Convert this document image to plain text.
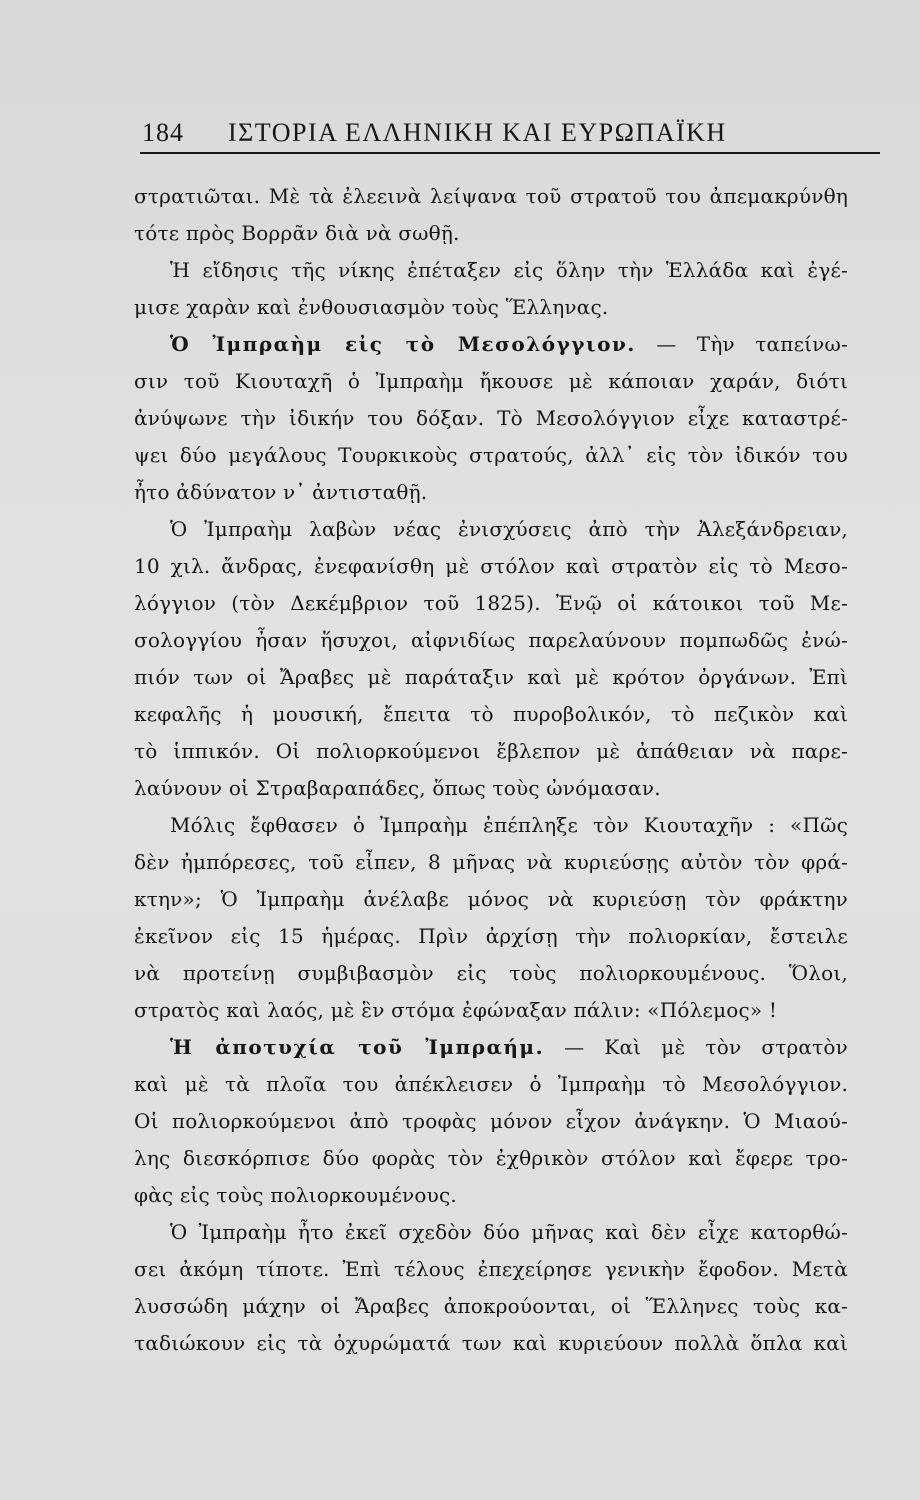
184 ΙΣΤΟΡΙΑ ΕΛΛΗΝΙΚΗ ΚΑΙ ΕΥΡΩΠΑΪΚΗ
στρατιῶται. Μὲ τὰ ἐλεεινὰ λείψανα τοῦ στρατοῦ του ἀπεμακρύνθη
τότε πρὸς Βορρᾶν διὰ νὰ σωθῇ.
Ἡ εἴδησις τῆς νίκης ἐπέταξεν εἰς ὅλην τὴν Ἑλλάδα καὶ ἐγέ-
μισε χαρὰν καὶ ἐνθουσιασμὸν τοὺς Ἕλληνας.
Ὁ Ἰμπραὴμ εἰς τὸ Μεσολόγγιον. — Τὴν ταπείνω-
σιν τοῦ Κιουταχῆ ὁ Ἰμπραὴμ ἤκουσε μὲ κάποιαν χαράν, διότι
ἀνύψωνε τὴν ἰδικήν του δόξαν. Τὸ Μεσολόγγιον εἶχε καταστρέ-
ψει δύο μεγάλους Τουρκικοὺς στρατούς, ἀλλ᾿ εἰς τὸν ἰδικόν του
ἦτο ἀδύνατον ν᾿ ἀντισταθῇ.
Ὁ Ἰμπραὴμ λαβὼν νέας ἐνισχύσεις ἀπὸ τὴν Ἀλεξάνδρειαν,
10 χιλ. ἄνδρας, ἐνεφανίσθη μὲ στόλον καὶ στρατὸν εἰς τὸ Μεσο-
λόγγιον (τὸν Δεκέμβριον τοῦ 1825). Ἐνῷ οἱ κάτοικοι τοῦ Με-
σολογγίου ἦσαν ἥσυχοι, αἰφνιδίως παρελαύνουν πομπωδῶς ἐνώ-
πιόν των οἱ Ἄραβες μὲ παράταξιν καὶ μὲ κρότον ὀργάνων. Ἐπὶ
κεφαλῆς ἡ μουσική, ἔπειτα τὸ πυροβολικόν, τὸ πεζικὸν καὶ
τὸ ἱππικόν. Οἱ πολιορκούμενοι ἔβλεπον μὲ ἀπάθειαν νὰ παρε-
λαύνουν οἱ Στραβαραπάδες, ὅπως τοὺς ὠνόμασαν.
Μόλις ἔφθασεν ὁ Ἰμπραὴμ ἐπέπληξε τὸν Κιουταχῆν : «Πῶς
δὲν ἠμπόρεσες, τοῦ εἶπεν, 8 μῆνας νὰ κυριεύσῃς αὐτὸν τὸν φρά-
κτην»; Ὁ Ἰμπραὴμ ἀνέλαβε μόνος νὰ κυριεύσῃ τὸν φράκτην
ἐκεῖνον εἰς 15 ἡμέρας. Πρὶν ἀρχίσῃ τὴν πολιορκίαν, ἔστειλε
νὰ προτείνῃ συμβιβασμὸν εἰς τοὺς πολιορκουμένους. Ὅλοι,
στρατὸς καὶ λαός, μὲ ἓν στόμα ἐφώναξαν πάλιν: «Πόλεμος» !
Ἡ ἀποτυχία τοῦ Ἰμπραήμ. — Καὶ μὲ τὸν στρατὸν
καὶ μὲ τὰ πλοῖα του ἀπέκλεισεν ὁ Ἰμπραὴμ τὸ Μεσολόγγιον.
Οἱ πολιορκούμενοι ἀπὸ τροφὰς μόνον εἶχον ἀνάγκην. Ὁ Μιαού-
λης διεσκόρπισε δύο φορὰς τὸν ἐχθρικὸν στόλον καὶ ἔφερε τρο-
φὰς εἰς τοὺς πολιορκουμένους.
Ὁ Ἰμπραὴμ ἦτο ἐκεῖ σχεδὸν δύο μῆνας καὶ δὲν εἶχε κατορθώ-
σει ἀκόμη τίποτε. Ἐπὶ τέλους ἐπεχείρησε γενικὴν ἔφοδον. Μετὰ
λυσσώδη μάχην οἱ Ἄραβες ἀποκρούονται, οἱ Ἕλληνες τοὺς κα-
ταδιώκουν εἰς τὰ ὀχυρώματά των καὶ κυριεύουν πολλὰ ὅπλα καὶ
